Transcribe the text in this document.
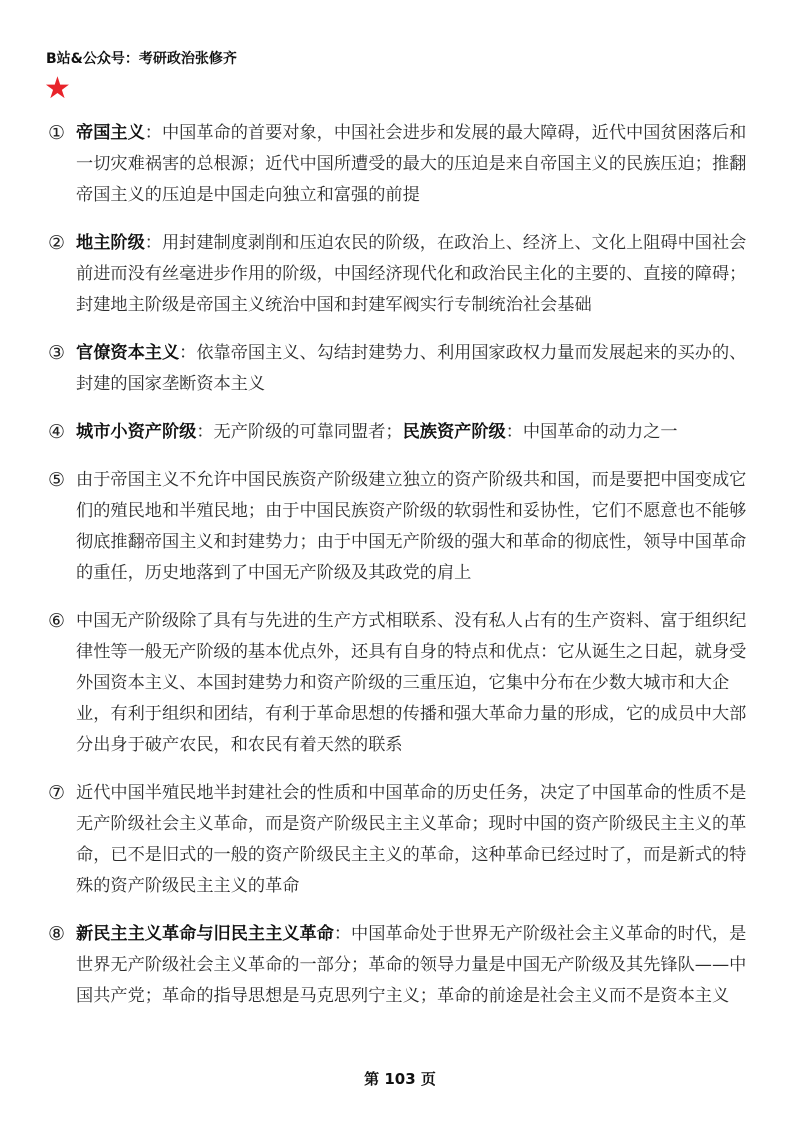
B站&公众号：考研政治张修齐
★
① 帝国主义：中国革命的首要对象，中国社会进步和发展的最大障碍，近代中国贫困落后和一切灾难祸害的总根源；近代中国所遭受的最大的压迫是来自帝国主义的民族压迫；推翻帝国主义的压迫是中国走向独立和富强的前提
② 地主阶级：用封建制度剥削和压迫农民的阶级，在政治上、经济上、文化上阻碍中国社会前进而没有丝毫进步作用的阶级，中国经济现代化和政治民主化的主要的、直接的障碍；封建地主阶级是帝国主义统治中国和封建军阀实行专制统治社会基础
③ 官僚资本主义：依靠帝国主义、勾结封建势力、利用国家政权力量而发展起来的买办的、封建的国家垄断资本主义
④ 城市小资产阶级：无产阶级的可靠同盟者；民族资产阶级：中国革命的动力之一
⑤ 由于帝国主义不允许中国民族资产阶级建立独立的资产阶级共和国，而是要把中国变成它们的殖民地和半殖民地；由于中国民族资产阶级的软弱性和妥协性，它们不愿意也不能够彻底推翻帝国主义和封建势力；由于中国无产阶级的强大和革命的彻底性，领导中国革命的重任，历史地落到了中国无产阶级及其政党的肩上
⑥ 中国无产阶级除了具有与先进的生产方式相联系、没有私人占有的生产资料、富于组织纪律性等一般无产阶级的基本优点外，还具有自身的特点和优点：它从诞生之日起，就身受外国资本主义、本国封建势力和资产阶级的三重压迫，它集中分布在少数大城市和大企业，有利于组织和团结，有利于革命思想的传播和强大革命力量的形成，它的成员中大部分出身于破产农民，和农民有着天然的联系
⑦ 近代中国半殖民地半封建社会的性质和中国革命的历史任务，决定了中国革命的性质不是无产阶级社会主义革命，而是资产阶级民主主义革命；现时中国的资产阶级民主主义的革命，已不是旧式的一般的资产阶级民主主义的革命，这种革命已经过时了，而是新式的特殊的资产阶级民主主义的革命
⑧ 新民主主义革命与旧民主主义革命：中国革命处于世界无产阶级社会主义革命的时代，是世界无产阶级社会主义革命的一部分；革命的领导力量是中国无产阶级及其先锋队——中国共产党；革命的指导思想是马克思列宁主义；革命的前途是社会主义而不是资本主义
第 103 页
